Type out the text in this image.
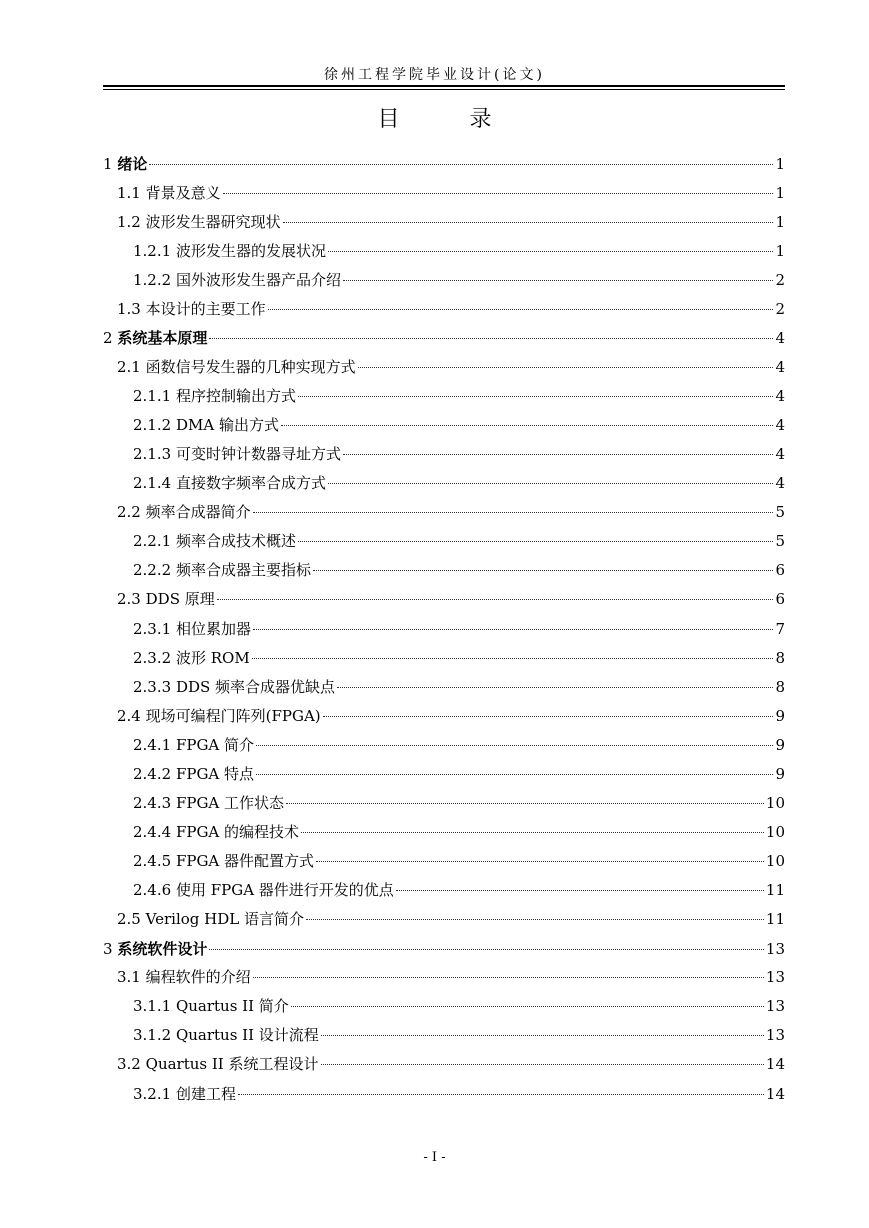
徐州工程学院毕业设计(论文)
目	录
1 绪论	1
1.1 背景及意义	1
1.2 波形发生器研究现状	1
1.2.1 波形发生器的发展状况	1
1.2.2 国外波形发生器产品介绍	2
1.3 本设计的主要工作	2
2 系统基本原理	4
2.1 函数信号发生器的几种实现方式	4
2.1.1 程序控制输出方式	4
2.1.2 DMA 输出方式	4
2.1.3 可变时钟计数器寻址方式	4
2.1.4 直接数字频率合成方式	4
2.2 频率合成器简介	5
2.2.1 频率合成技术概述	5
2.2.2 频率合成器主要指标	6
2.3 DDS 原理	6
2.3.1 相位累加器	7
2.3.2 波形 ROM	8
2.3.3 DDS 频率合成器优缺点	8
2.4 现场可编程门阵列(FPGA)	9
2.4.1 FPGA 简介	9
2.4.2 FPGA 特点	9
2.4.3 FPGA 工作状态	10
2.4.4 FPGA 的编程技术	10
2.4.5 FPGA 器件配置方式	10
2.4.6 使用 FPGA 器件进行开发的优点	11
2.5 Verilog HDL 语言简介	11
3 系统软件设计	13
3.1 编程软件的介绍	13
3.1.1 Quartus II 简介	13
3.1.2 Quartus II 设计流程	13
3.2 Quartus II 系统工程设计	14
3.2.1 创建工程	14
- I -
